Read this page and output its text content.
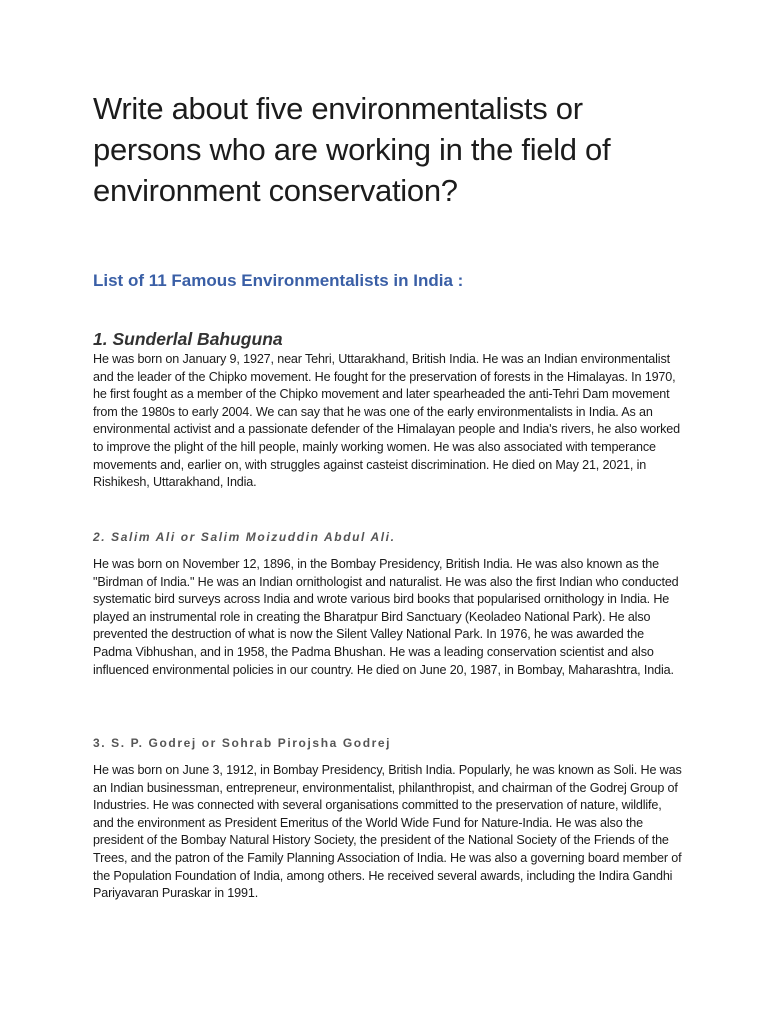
Write about five environmentalists or persons who are working in the field of environment conservation?
List of 11 Famous Environmentalists in India :
1. Sunderlal Bahuguna

He was born on January 9, 1927, near Tehri, Uttarakhand, British India. He was an Indian environmentalist and the leader of the Chipko movement. He fought for the preservation of forests in the Himalayas. In 1970, he first fought as a member of the Chipko movement and later spearheaded the anti-Tehri Dam movement from the 1980s to early 2004. We can say that he was one of the early environmentalists in India. As an environmental activist and a passionate defender of the Himalayan people and India's rivers, he also worked to improve the plight of the hill people, mainly working women. He was also associated with temperance movements and, earlier on, with struggles against casteist discrimination. He died on May 21, 2021, in Rishikesh, Uttarakhand, India.

2. Salim Ali or Salim Moizuddin Abdul Ali.

He was born on November 12, 1896, in the Bombay Presidency, British India. He was also known as the "Birdman of India." He was an Indian ornithologist and naturalist. He was also the first Indian who conducted systematic bird surveys across India and wrote various bird books that popularised ornithology in India. He played an instrumental role in creating the Bharatpur Bird Sanctuary (Keoladeo National Park). He also prevented the destruction of what is now the Silent Valley National Park. In 1976, he was awarded the Padma Vibhushan, and in 1958, the Padma Bhushan. He was a leading conservation scientist and also influenced environmental policies in our country. He died on June 20, 1987, in Bombay, Maharashtra, India.

3. S. P. Godrej or Sohrab Pirojsha Godrej

He was born on June 3, 1912, in Bombay Presidency, British India. Popularly, he was known as Soli. He was an Indian businessman, entrepreneur, environmentalist, philanthropist, and chairman of the Godrej Group of Industries. He was connected with several organisations committed to the preservation of nature, wildlife, and the environment as President Emeritus of the World Wide Fund for Nature-India. He was also the president of the Bombay Natural History Society, the president of the National Society of the Friends of the Trees, and the patron of the Family Planning Association of India. He was also a governing board member of the Population Foundation of India, among others. He received several awards, including the Indira Gandhi Pariyavaran Puraskar in 1991.
